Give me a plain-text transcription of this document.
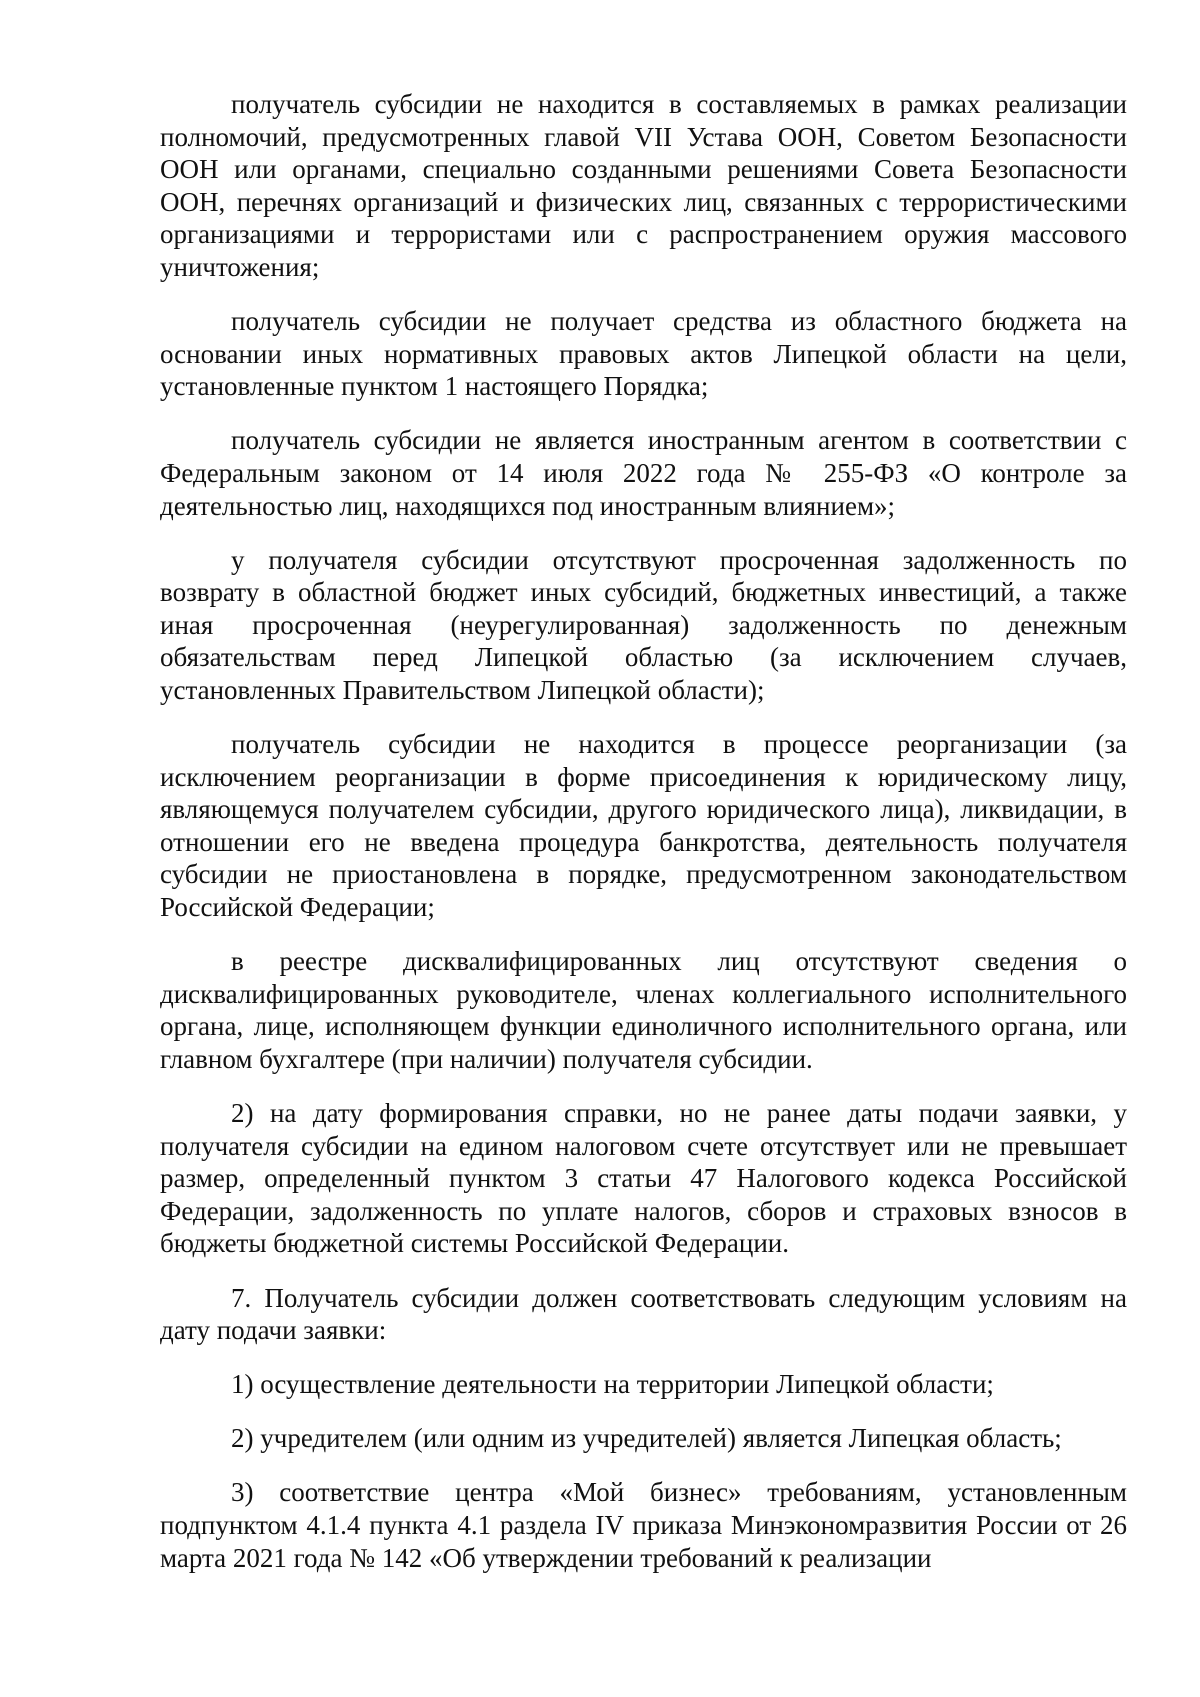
получатель субсидии не находится в составляемых в рамках реализации полномочий, предусмотренных главой VII Устава ООН, Советом Безопасности ООН или органами, специально созданными решениями Совета Безопасности ООН, перечнях организаций и физических лиц, связанных с террористическими организациями и террористами или с распространением оружия массового уничтожения;

получатель субсидии не получает средства из областного бюджета на основании иных нормативных правовых актов Липецкой области на цели, установленные пунктом 1 настоящего Порядка;

получатель субсидии не является иностранным агентом в соответствии с Федеральным законом от 14 июля 2022 года № 255-ФЗ «О контроле за деятельностью лиц, находящихся под иностранным влиянием»;

у получателя субсидии отсутствуют просроченная задолженность по возврату в областной бюджет иных субсидий, бюджетных инвестиций, а также иная просроченная (неурегулированная) задолженность по денежным обязательствам перед Липецкой областью (за исключением случаев, установленных Правительством Липецкой области);

получатель субсидии не находится в процессе реорганизации (за исключением реорганизации в форме присоединения к юридическому лицу, являющемуся получателем субсидии, другого юридического лица), ликвидации, в отношении его не введена процедура банкротства, деятельность получателя субсидии не приостановлена в порядке, предусмотренном законодательством Российской Федерации;

в реестре дисквалифицированных лиц отсутствуют сведения о дисквалифицированных руководителе, членах коллегиального исполнительного органа, лице, исполняющем функции единоличного исполнительного органа, или главном бухгалтере (при наличии) получателя субсидии.

2) на дату формирования справки, но не ранее даты подачи заявки, у получателя субсидии на едином налоговом счете отсутствует или не превышает размер, определенный пунктом 3 статьи 47 Налогового кодекса Российской Федерации, задолженность по уплате налогов, сборов и страховых взносов в бюджеты бюджетной системы Российской Федерации.

7. Получатель субсидии должен соответствовать следующим условиям на дату подачи заявки:

1) осуществление деятельности на территории Липецкой области;

2) учредителем (или одним из учредителей) является Липецкая область;

3) соответствие центра «Мой бизнес» требованиям, установленным подпунктом 4.1.4 пункта 4.1 раздела IV приказа Минэкономразвития России от 26 марта 2021 года № 142 «Об утверждении требований к реализации
